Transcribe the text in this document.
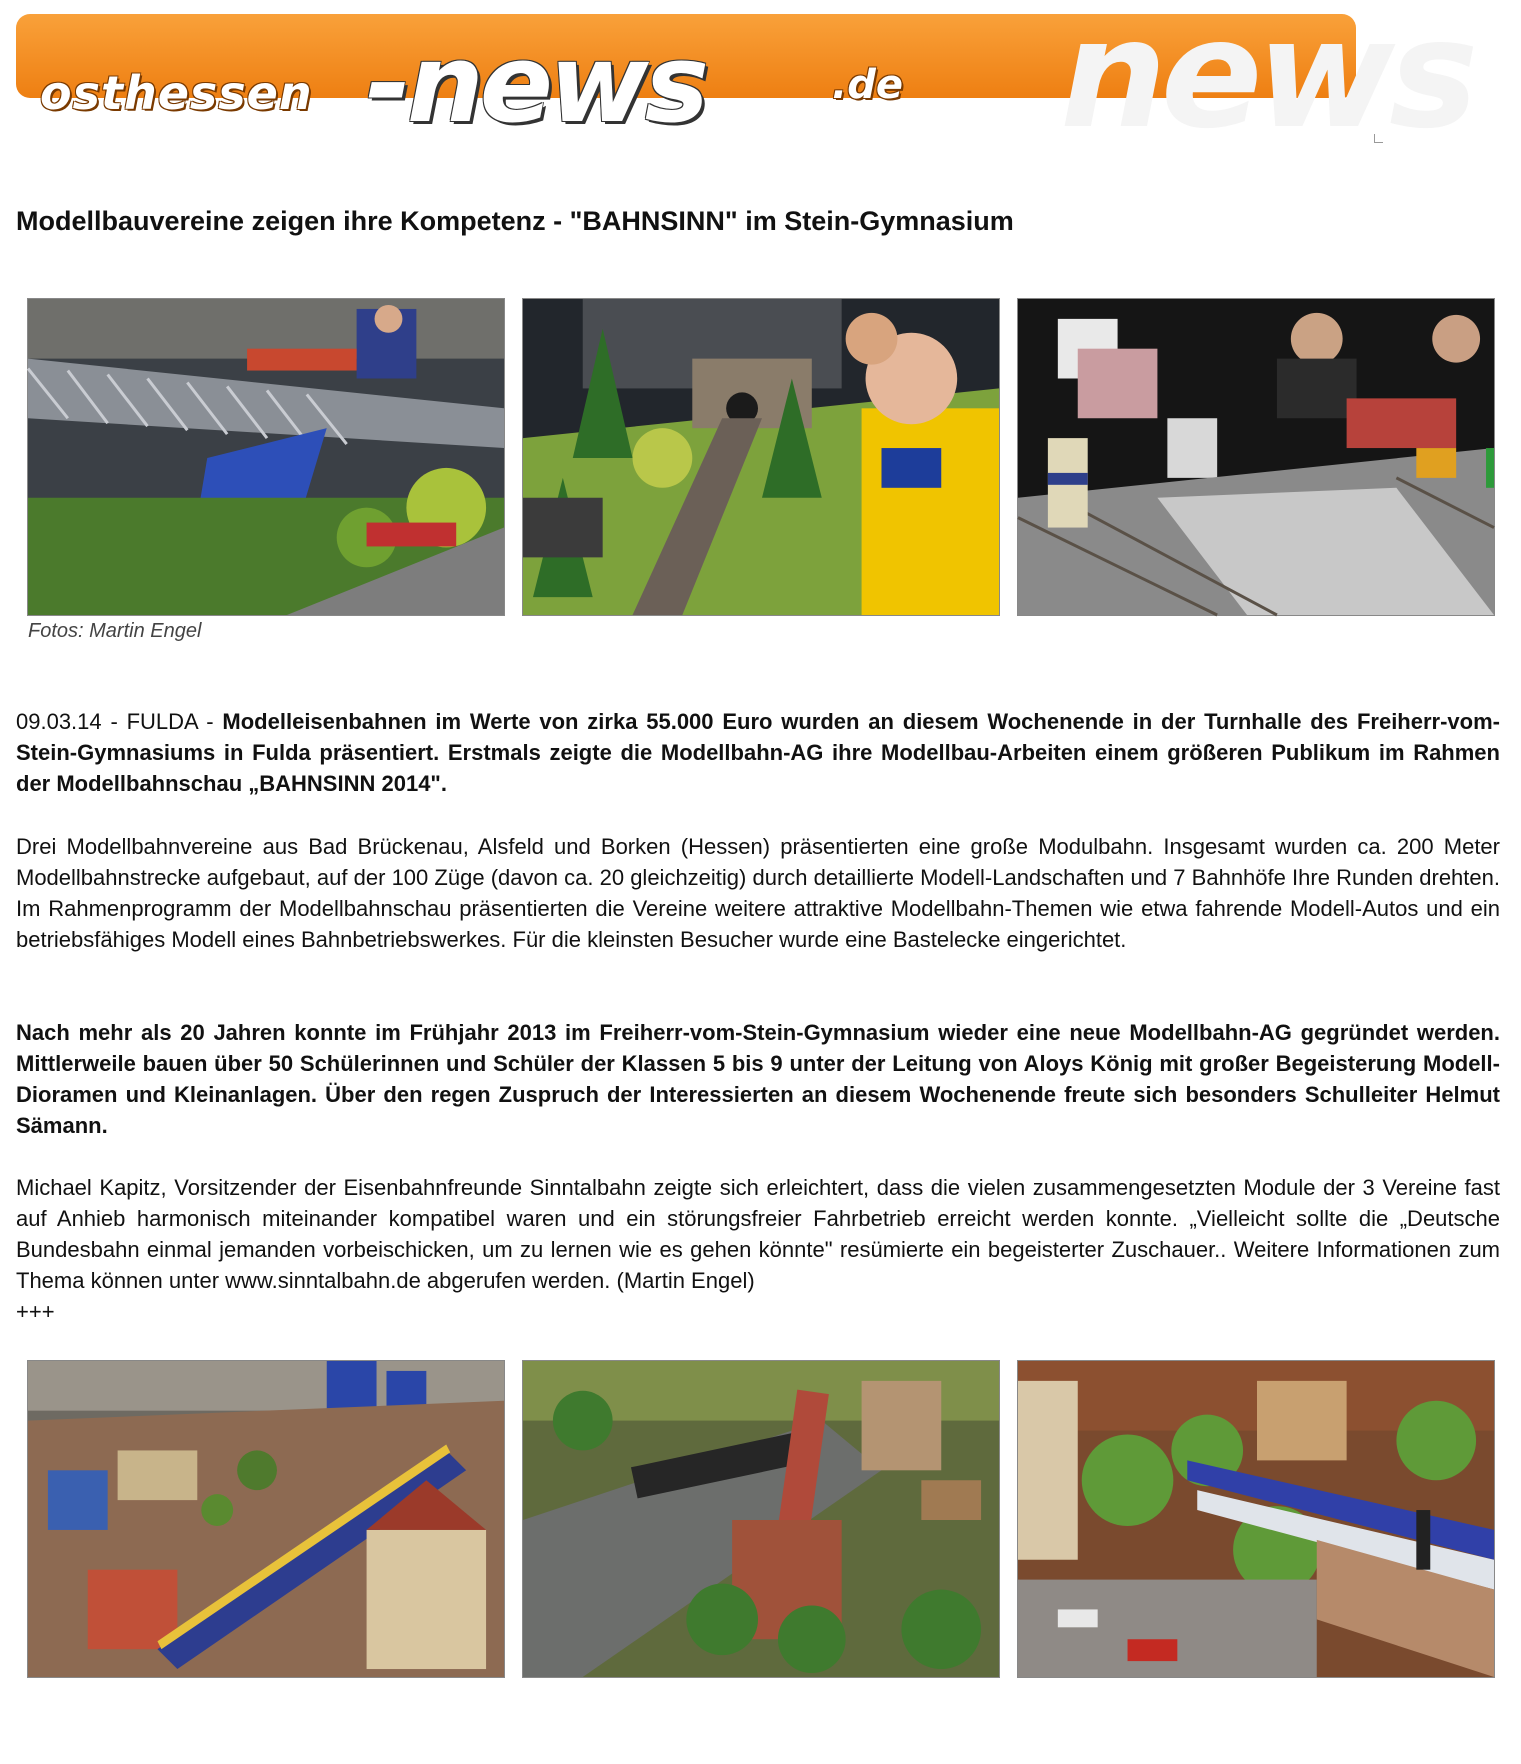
news
osthessen -news	.de
Modellbauvereine zeigen ihre Kompetenz - "BAHNSINN" im Stein-Gymnasium
Fotos: Martin Engel
09.03.14 - FULDA - Modelleisenbahnen im Werte von zirka 55.000 Euro wurden an diesem Wochenende in der Turnhalle des Freiherr-vom-Stein-Gymnasiums in Fulda präsentiert. Erstmals zeigte die Modellbahn-AG ihre Modellbau-Arbeiten einem größeren Publikum im Rahmen der Modellbahnschau „BAHNSINN 2014".
Drei Modellbahnvereine aus Bad Brückenau, Alsfeld und Borken (Hessen) präsentierten eine große Modulbahn. Insgesamt wurden ca. 200 Meter Modellbahnstrecke aufgebaut, auf der 100 Züge (davon ca. 20 gleichzeitig) durch detaillierte Modell-Landschaften und 7 Bahnhöfe Ihre Runden drehten. Im Rahmenprogramm der Modellbahnschau präsentierten die Vereine weitere attraktive Modellbahn-Themen wie etwa fahrende Modell-Autos und ein betriebsfähiges Modell eines Bahnbetriebswerkes. Für die kleinsten Besucher wurde eine Bastelecke eingerichtet.
Nach mehr als 20 Jahren konnte im Frühjahr 2013 im Freiherr-vom-Stein-Gymnasium wieder eine neue Modellbahn-AG gegründet werden. Mittlerweile bauen über 50 Schülerinnen und Schüler der Klassen 5 bis 9 unter der Leitung von Aloys König mit großer Begeisterung Modell-Dioramen und Kleinanlagen. Über den regen Zuspruch der Interessierten an diesem Wochenende freute sich besonders Schulleiter Helmut Sämann.
Michael Kapitz, Vorsitzender der Eisenbahnfreunde Sinntalbahn zeigte sich erleichtert, dass die vielen zusammengesetzten Module der 3 Vereine fast auf Anhieb harmonisch miteinander kompatibel waren und ein störungsfreier Fahrbetrieb erreicht werden konnte. „Vielleicht sollte die „Deutsche Bundesbahn einmal jemanden vorbeischicken, um zu lernen wie es gehen könnte" resümierte ein begeisterter Zuschauer.. Weitere Informationen zum Thema können unter www.sinntalbahn.de abgerufen werden. (Martin Engel)
+++
